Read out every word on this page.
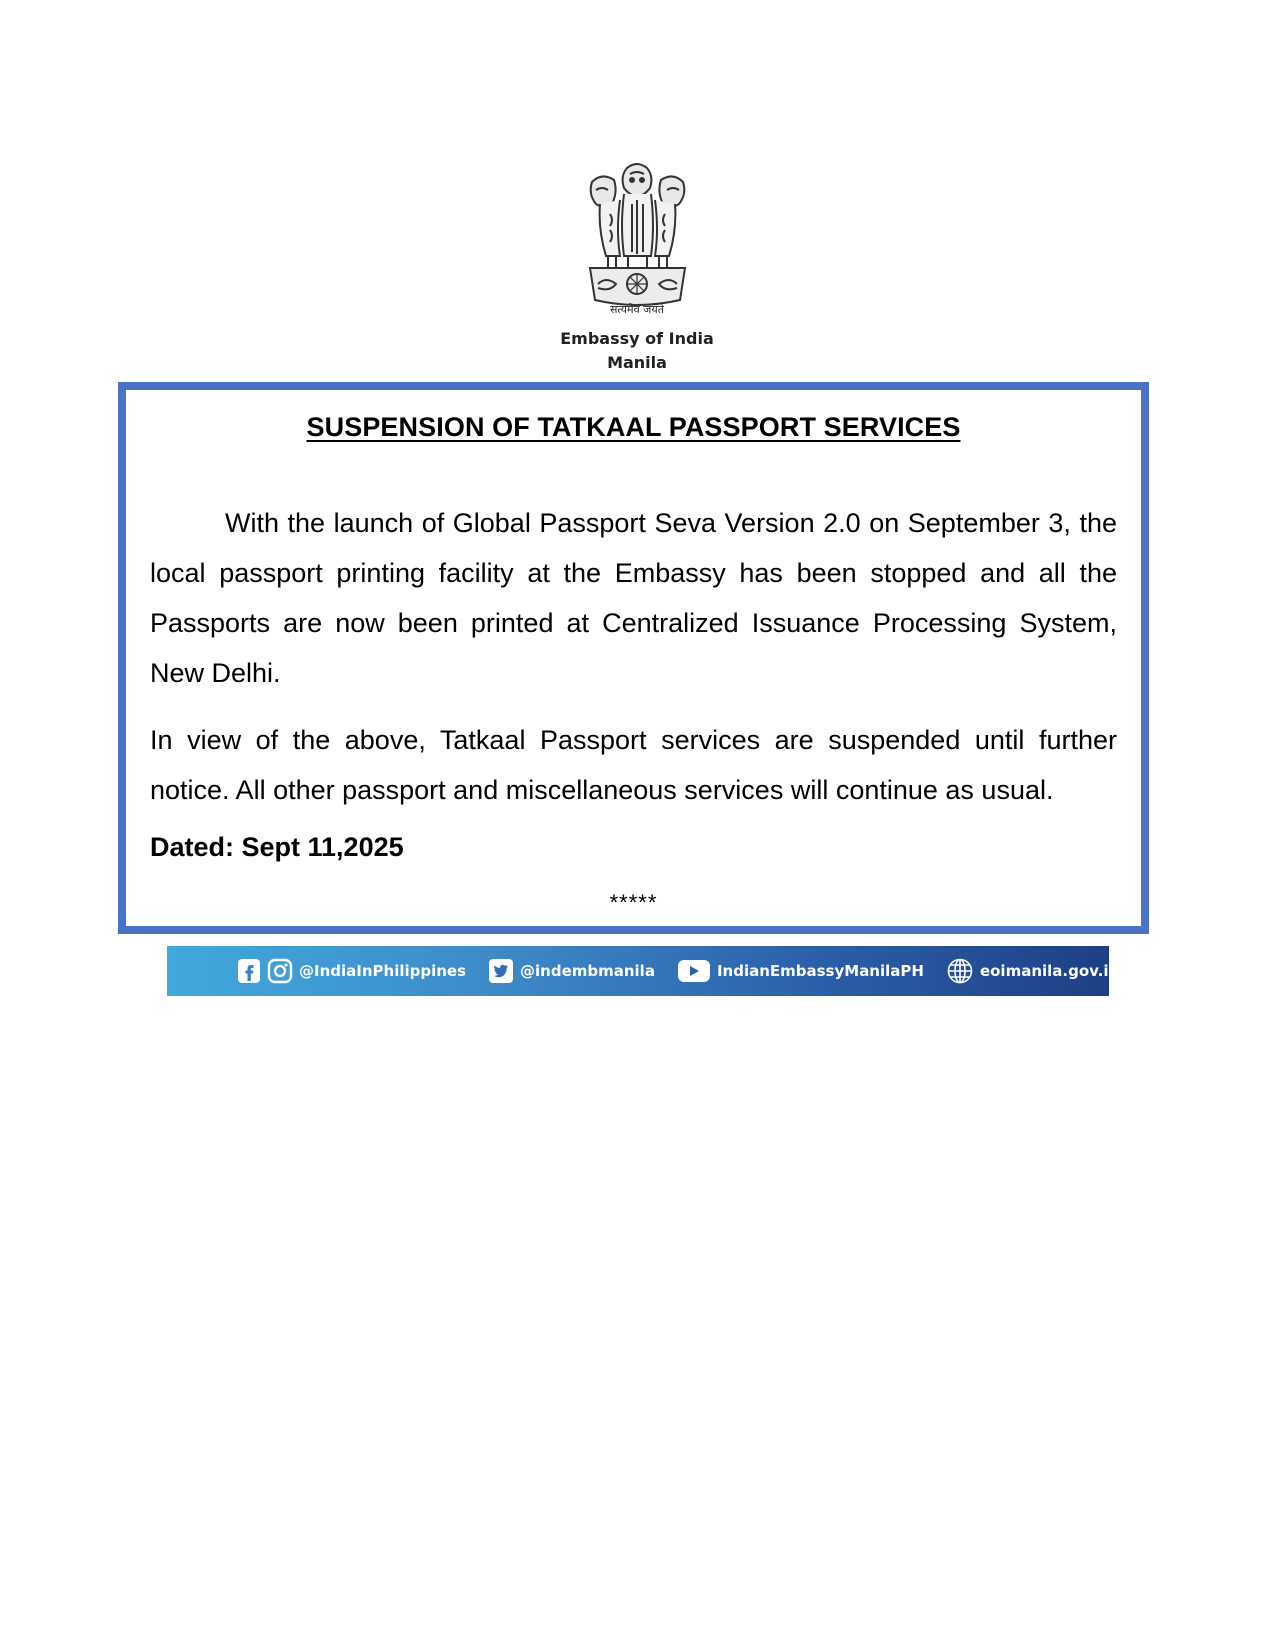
सत्यमेव जयते
Embassy of India
Manila
SUSPENSION OF TATKAAL PASSPORT SERVICES

With the launch of Global Passport Seva Version 2.0 on September 3, the local passport printing facility at the Embassy has been stopped and all the Passports are now been printed at Centralized Issuance Processing System, New Delhi.

In view of the above, Tatkaal Passport services are suspended until further notice. All other passport and miscellaneous services will continue as usual.

Dated: Sept 11,2025

*****
@IndiaInPhilippines	@indembmanila	IndianEmbassyManilaPH	eoimanila.gov.in
